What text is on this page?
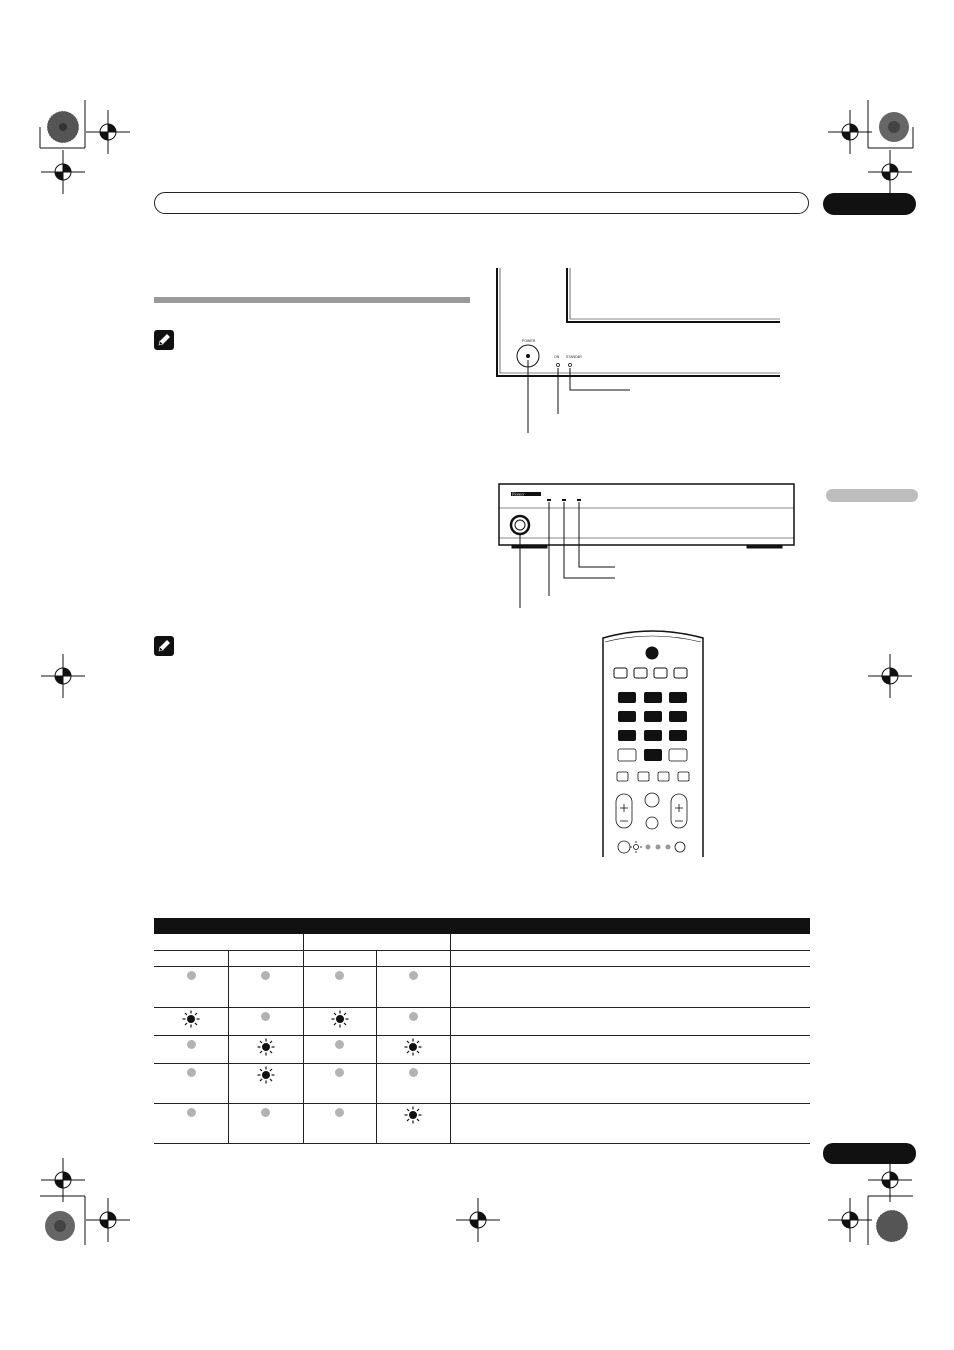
POWER
ON STANDBY
Pioneer
